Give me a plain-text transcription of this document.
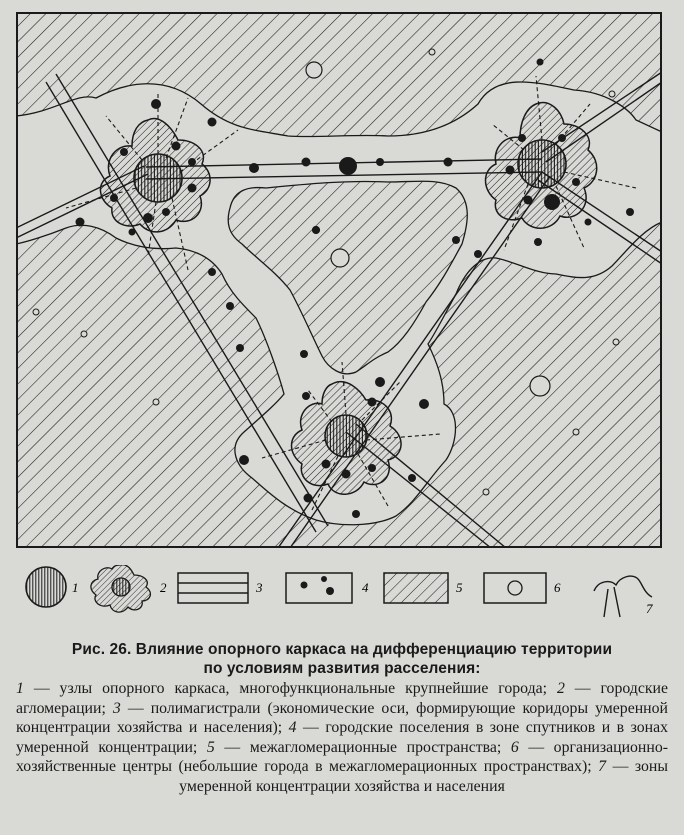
1	2	3	4	5	6
7
Рис. 26. Влияние опорного каркаса на дифференциацию территории
по условиям развития расселения:
1 — узлы опорного каркаса, многофункциональные крупнейшие города; 2 — городские агломерации; 3 — полимагистрали (экономические оси, формирующие коридоры умеренной концентрации хозяйства и населения); 4 — городские поселения в зоне спутников и в зонах умеренной концентрации; 5 — межагломерационные пространства; 6 — организационно-хозяйственные центры (небольшие города в межагломерационных пространствах); 7 — зоны умеренной концентрации хозяйства и населения
